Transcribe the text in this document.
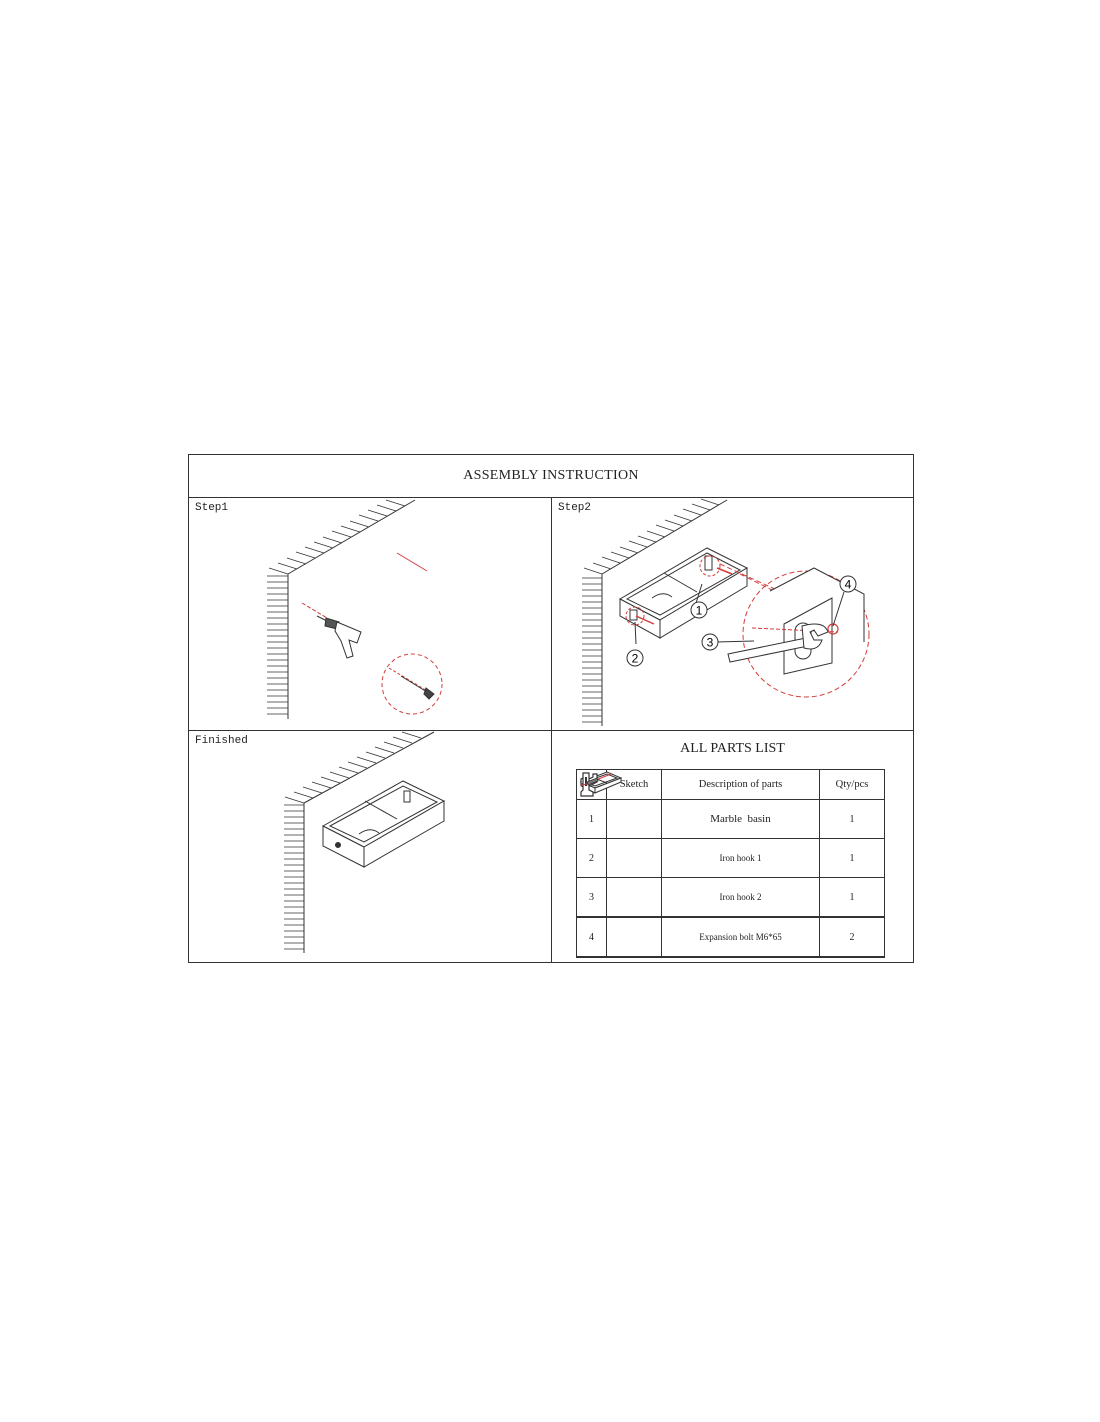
ASSEMBLY INSTRUCTION
Step1	Step2
1
2
3
4
Finished	ALL PARTS LIST
	Sketch	Description of parts	Qty/pcs
1		Marble  basin	1
2		Iron hook 1	1
3		Iron hook 2	1
4		Expansion bolt M6*65	2
